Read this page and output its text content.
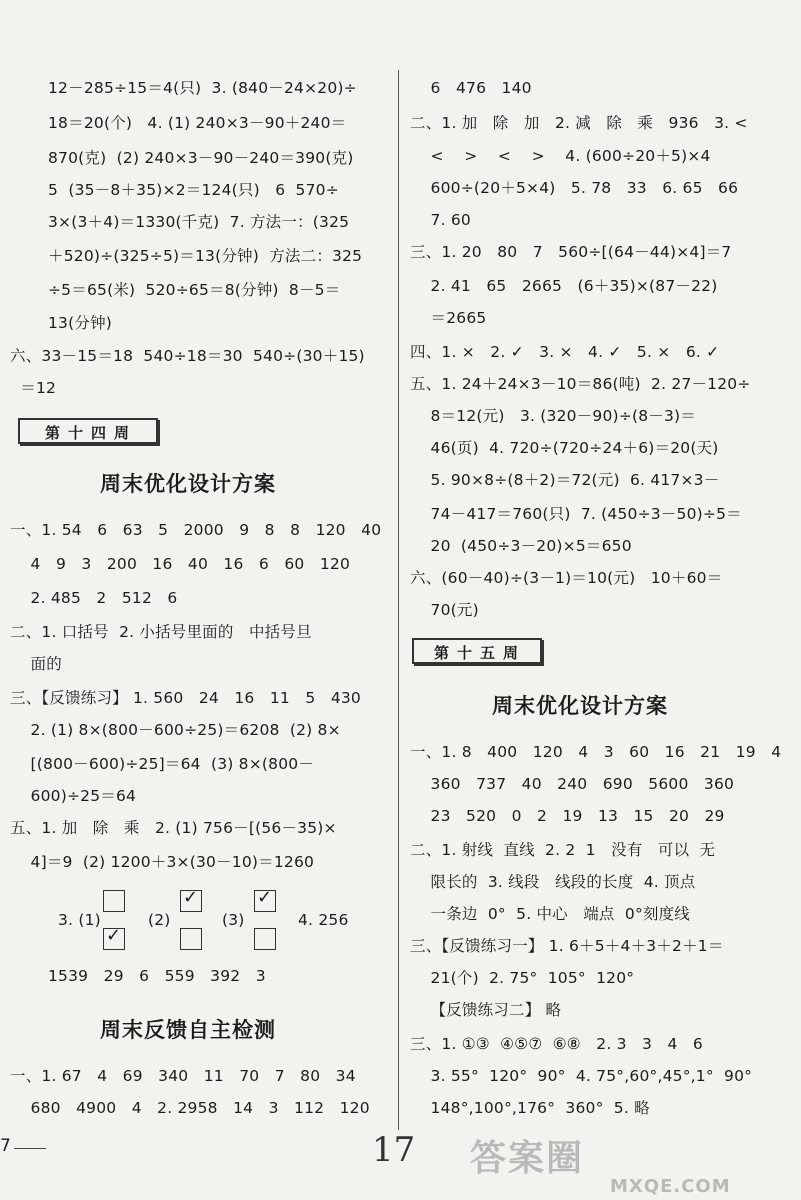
12－285÷15＝4(只)  3. (840－24×20)÷
18＝20(个)   4. (1) 240×3－90＋240＝
870(克)  (2) 240×3－90－240＝390(克)
5  (35－8＋35)×2＝124(只)   6  570÷
3×(3＋4)＝1330(千克)  7. 方法一：(325
＋520)÷(325÷5)＝13(分钟)  方法二：325
÷5＝65(米)  520÷65＝8(分钟)  8－5＝
13(分钟)
六、33－15＝18  540÷18＝30  540÷(30＋15)
＝12
第十四周
周末优化设计方案
一、1. 54   6   63   5   2000   9   8   8   120   40
4   9   3   200   16   40   16   6   60   120
2. 485   2   512   6
二、1. 口括号  2. 小括号里面的   中括号旦
面的
三、【反馈练习】 1. 560   24   16   11   5   430
2. (1) 8×(800－600÷25)＝6208  (2) 8×
[(800－600)÷25]＝64  (3) 8×(800－
600)÷25＝64
五、1. 加   除   乘   2. (1) 756－[(56－35)×
4]＝9  (2) 1200＋3×(30－10)＝1260
3. (1)
✓
(2)
✓
(3)
✓
4. 256
1539   29   6   559   392   3
周末反馈自主检测
一、1. 67   4   69   340   11   70   7   80   34
680   4900   4   2. 2958   14   3   112   120
6   476   140
二、1. 加   除   加   2. 减   除   乘   936   3. <
<    >    <    >    4. (600÷20＋5)×4
600÷(20＋5×4)   5. 78   33   6. 65   66
7. 60
三、1. 20   80   7   560÷[(64－44)×4]＝7
2. 41   65   2665   (6＋35)×(87－22)
＝2665
四、1. ×   2. ✓   3. ×   4. ✓   5. ×   6. ✓
五、1. 24＋24×3－10＝86(吨)  2. 27－120÷
8＝12(元)   3. (320－90)÷(8－3)＝
46(页)  4. 720÷(720÷24＋6)＝20(天)
5. 90×8÷(8＋2)＝72(元)  6. 417×3－
74－417＝760(只)  7. (450÷3－50)÷5＝
20  (450÷3－20)×5＝650
六、(60－40)÷(3－1)＝10(元)   10＋60＝
70(元)
第十五周
周末优化设计方案
一、1. 8   400   120   4   3   60   16   21   19   4
360   737   40   240   690   5600   360
23   520   0   2   19   13   15   20   29
二、1. 射线  直线  2. 2  1   没有   可以  无
限长的  3. 线段   线段的长度  4. 顶点
一条边  0°  5. 中心   端点  0°刻度线
三、【反馈练习一】 1. 6＋5＋4＋3＋2＋1＝
21(个)  2. 75°  105°  120°
【反馈练习二】 略
三、1. ①③  ④⑤⑦  ⑥⑧   2. 3   3   4   6
3. 55°  120°  90°  4. 75°,60°,45°,1°  90°
148°,100°,176°  360°  5. 略
7	17 答案圈
MXQE.COM
